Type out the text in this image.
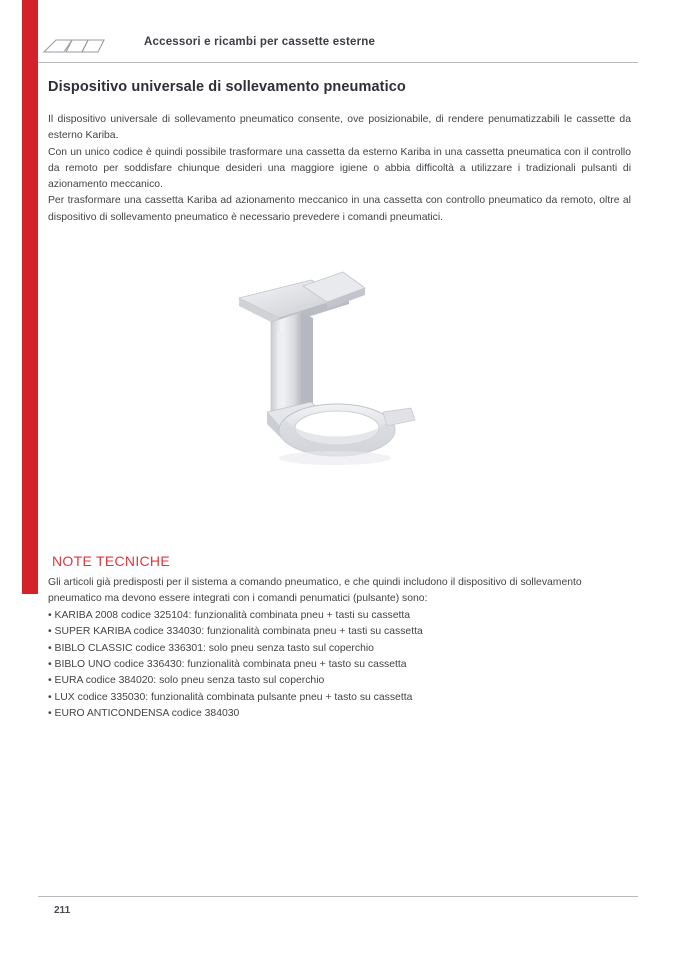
Accessori e ricambi per cassette esterne
Dispositivo universale di sollevamento pneumatico

Il dispositivo universale di sollevamento pneumatico consente, ove posizionabile, di rendere penumatizzabili le cassette da esterno Kariba.

Con un unico codice è quindi possibile trasformare una cassetta da esterno Kariba in una cassetta pneumatica con il controllo da remoto per soddisfare chiunque desideri una maggiore igiene o abbia difficoltà a utilizzare i tradizionali pulsanti di azionamento meccanico.

Per trasformare una cassetta Kariba ad azionamento meccanico in una cassetta con controllo pneumatico da remoto, oltre al dispositivo di sollevamento pneumatico è necessario prevedere i comandi pneumatici.

NOTE TECNICHE

Gli articoli già predisposti per il sistema a comando pneumatico, e che quindi includono il dispositivo di sollevamento pneumatico ma devono essere integrati con i comandi penumatici (pulsante) sono:

• KARIBA 2008 codice 325104: funzionalità combinata pneu + tasti su cassetta
• SUPER KARIBA codice 334030: funzionalità combinata pneu + tasti su cassetta
• BIBLO CLASSIC codice 336301: solo pneu senza tasto sul coperchio
• BIBLO UNO codice 336430: funzionalità combinata pneu + tasto su cassetta
• EURA codice 384020: solo pneu senza tasto sul coperchio
• LUX codice 335030: funzionalità combinata pulsante pneu + tasto su cassetta
• EURO ANTICONDENSA codice 384030
211
